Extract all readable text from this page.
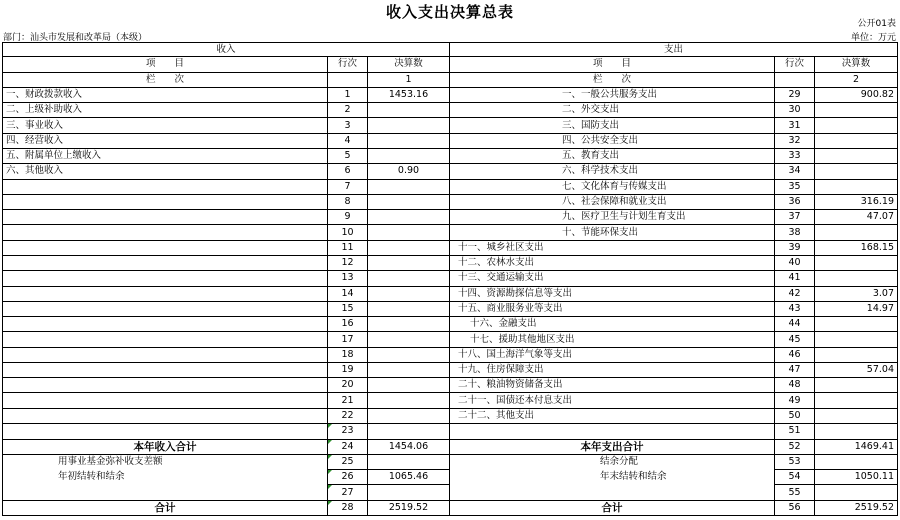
收入支出决算总表
公开01表
部门：汕头市发展和改革局（本级）	单位：万元
收入			支出		
项　　目	行次	决算数	项　　目	行次	决算数
栏　　次		1	栏　　次		2
一、财政拨款收入	1	1453.16	一、一般公共服务支出	29	900.82
二、上级补助收入	2		二、外交支出	30	
三、事业收入	3		三、国防支出	31	
四、经营收入	4		四、公共安全支出	32	
五、附属单位上缴收入	5		五、教育支出	33	
六、其他收入	6	0.90	六、科学技术支出	34	
	7		七、文化体育与传媒支出	35	
	8		八、社会保障和就业支出	36	316.19
	9		九、医疗卫生与计划生育支出	37	47.07
	10		十、节能环保支出	38	
	11		十一、城乡社区支出	39	168.15
	12		十二、农林水支出	40	
	13		十三、交通运输支出	41	
	14		十四、资源勘探信息等支出	42	3.07
	15		十五、商业服务业等支出	43	14.97
	16		十六、金融支出	44	
	17		十七、援助其他地区支出	45	
	18		十八、国土海洋气象等支出	46	
	19		十九、住房保障支出	47	57.04
	20		二十、粮油物资储备支出	48	
	21		二十一、国债还本付息支出	49	
	22		二十二、其他支出	50	
	23			51	
本年收入合计	24	1454.06	本年支出合计	52	1469.41
用事业基金弥补收支差额	25		结余分配	53	
年初结转和结余	26	1065.46	年末结转和结余	54	1050.11
	27			55	
合计	28	2519.52	合计	56	2519.52
